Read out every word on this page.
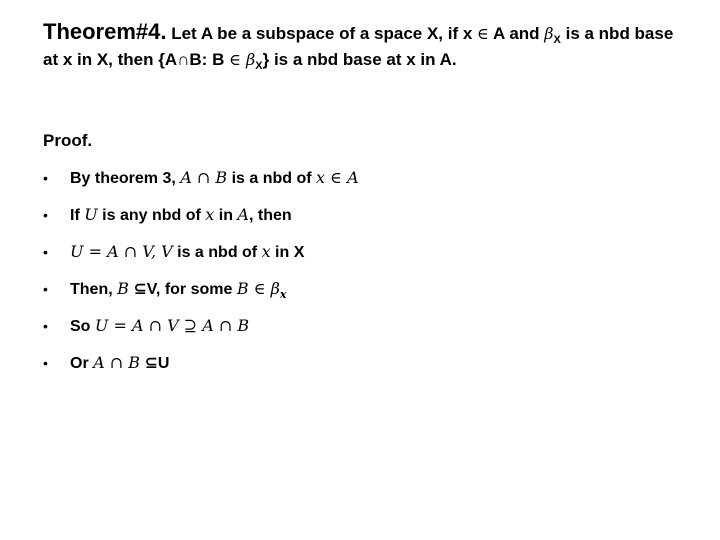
Theorem#4. Let A be a subspace of a space X, if x ∈ A and $\beta_X$ is a nbd base at x in X, then {A∩B: B ∈ $\beta_X$} is a nbd base at x in A.

Proof.

• By theorem 3, A ∩ B is a nbd of x ∈ A
• If U is any nbd of x in A, then
• U = A ∩ V, V is a nbd of x in X
• Then, B ⊆V, for some B ∈ $\beta_x$
• So U = A ∩ V ⊇ A ∩ B
• Or A ∩ B ⊆U
